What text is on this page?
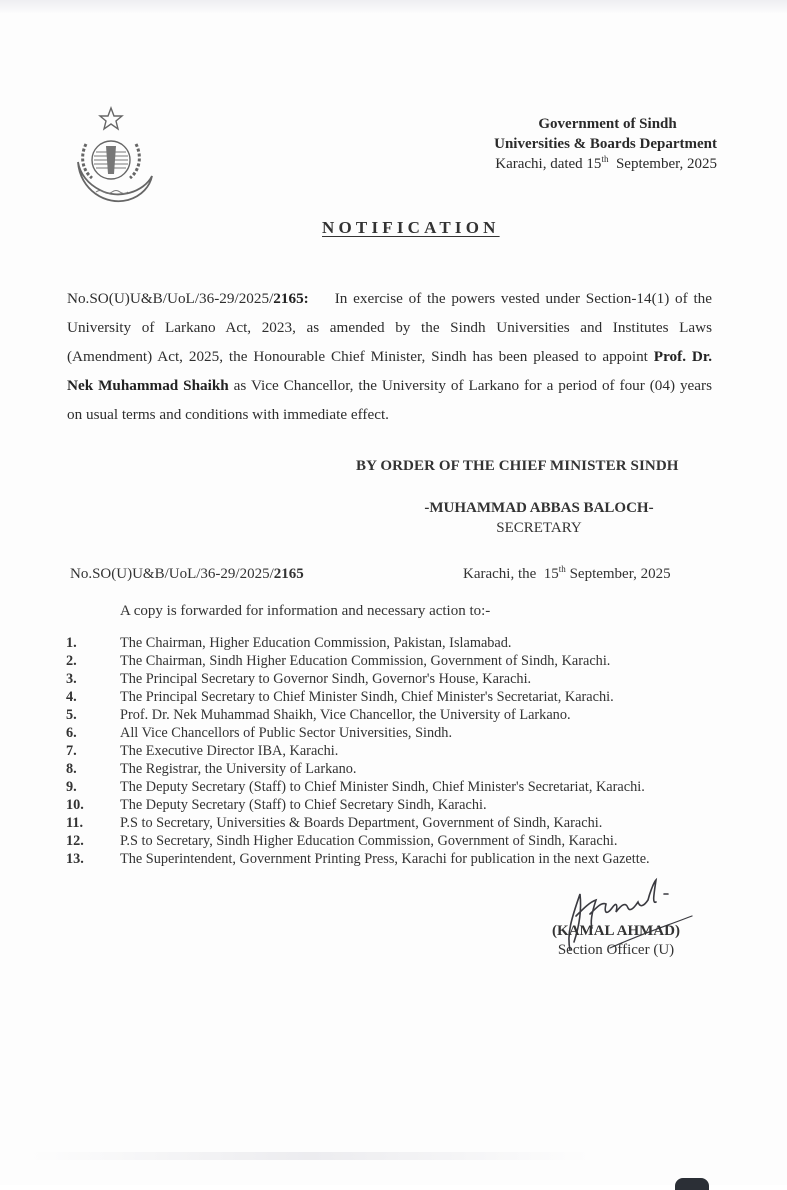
Government of Sindh
Universities & Boards Department
Karachi, dated 15th  September, 2025
NOTIFICATION
No.SO(U)U&B/UoL/36-29/2025/2165: In exercise of the powers vested under Section-14(1) of the University of Larkano Act, 2023, as amended by the Sindh Universities and Institutes Laws (Amendment) Act, 2025, the Honourable Chief Minister, Sindh has been pleased to appoint Prof. Dr. Nek Muhammad Shaikh as Vice Chancellor, the University of Larkano for a period of four (04) years on usual terms and conditions with immediate effect.
BY ORDER OF THE CHIEF MINISTER SINDH
-MUHAMMAD ABBAS BALOCH-
SECRETARY
No.SO(U)U&B/UoL/36-29/2025/2165	Karachi, the  15th September, 2025
A copy is forwarded for information and necessary action to:-
1.	The Chairman, Higher Education Commission, Pakistan, Islamabad.
2.	The Chairman, Sindh Higher Education Commission, Government of Sindh, Karachi.
3.	The Principal Secretary to Governor Sindh, Governor's House, Karachi.
4.	The Principal Secretary to Chief Minister Sindh, Chief Minister's Secretariat, Karachi.
5.	Prof. Dr. Nek Muhammad Shaikh, Vice Chancellor, the University of Larkano.
6.	All Vice Chancellors of Public Sector Universities, Sindh.
7.	The Executive Director IBA, Karachi.
8.	The Registrar, the University of Larkano.
9.	The Deputy Secretary (Staff) to Chief Minister Sindh, Chief Minister's Secretariat, Karachi.
10.	The Deputy Secretary (Staff) to Chief Secretary Sindh, Karachi.
11.	P.S to Secretary, Universities & Boards Department, Government of Sindh, Karachi.
12.	P.S to Secretary, Sindh Higher Education Commission, Government of Sindh, Karachi.
13.	The Superintendent, Government Printing Press, Karachi for publication in the next Gazette.
(KAMAL AHMAD)
Section Officer (U)
